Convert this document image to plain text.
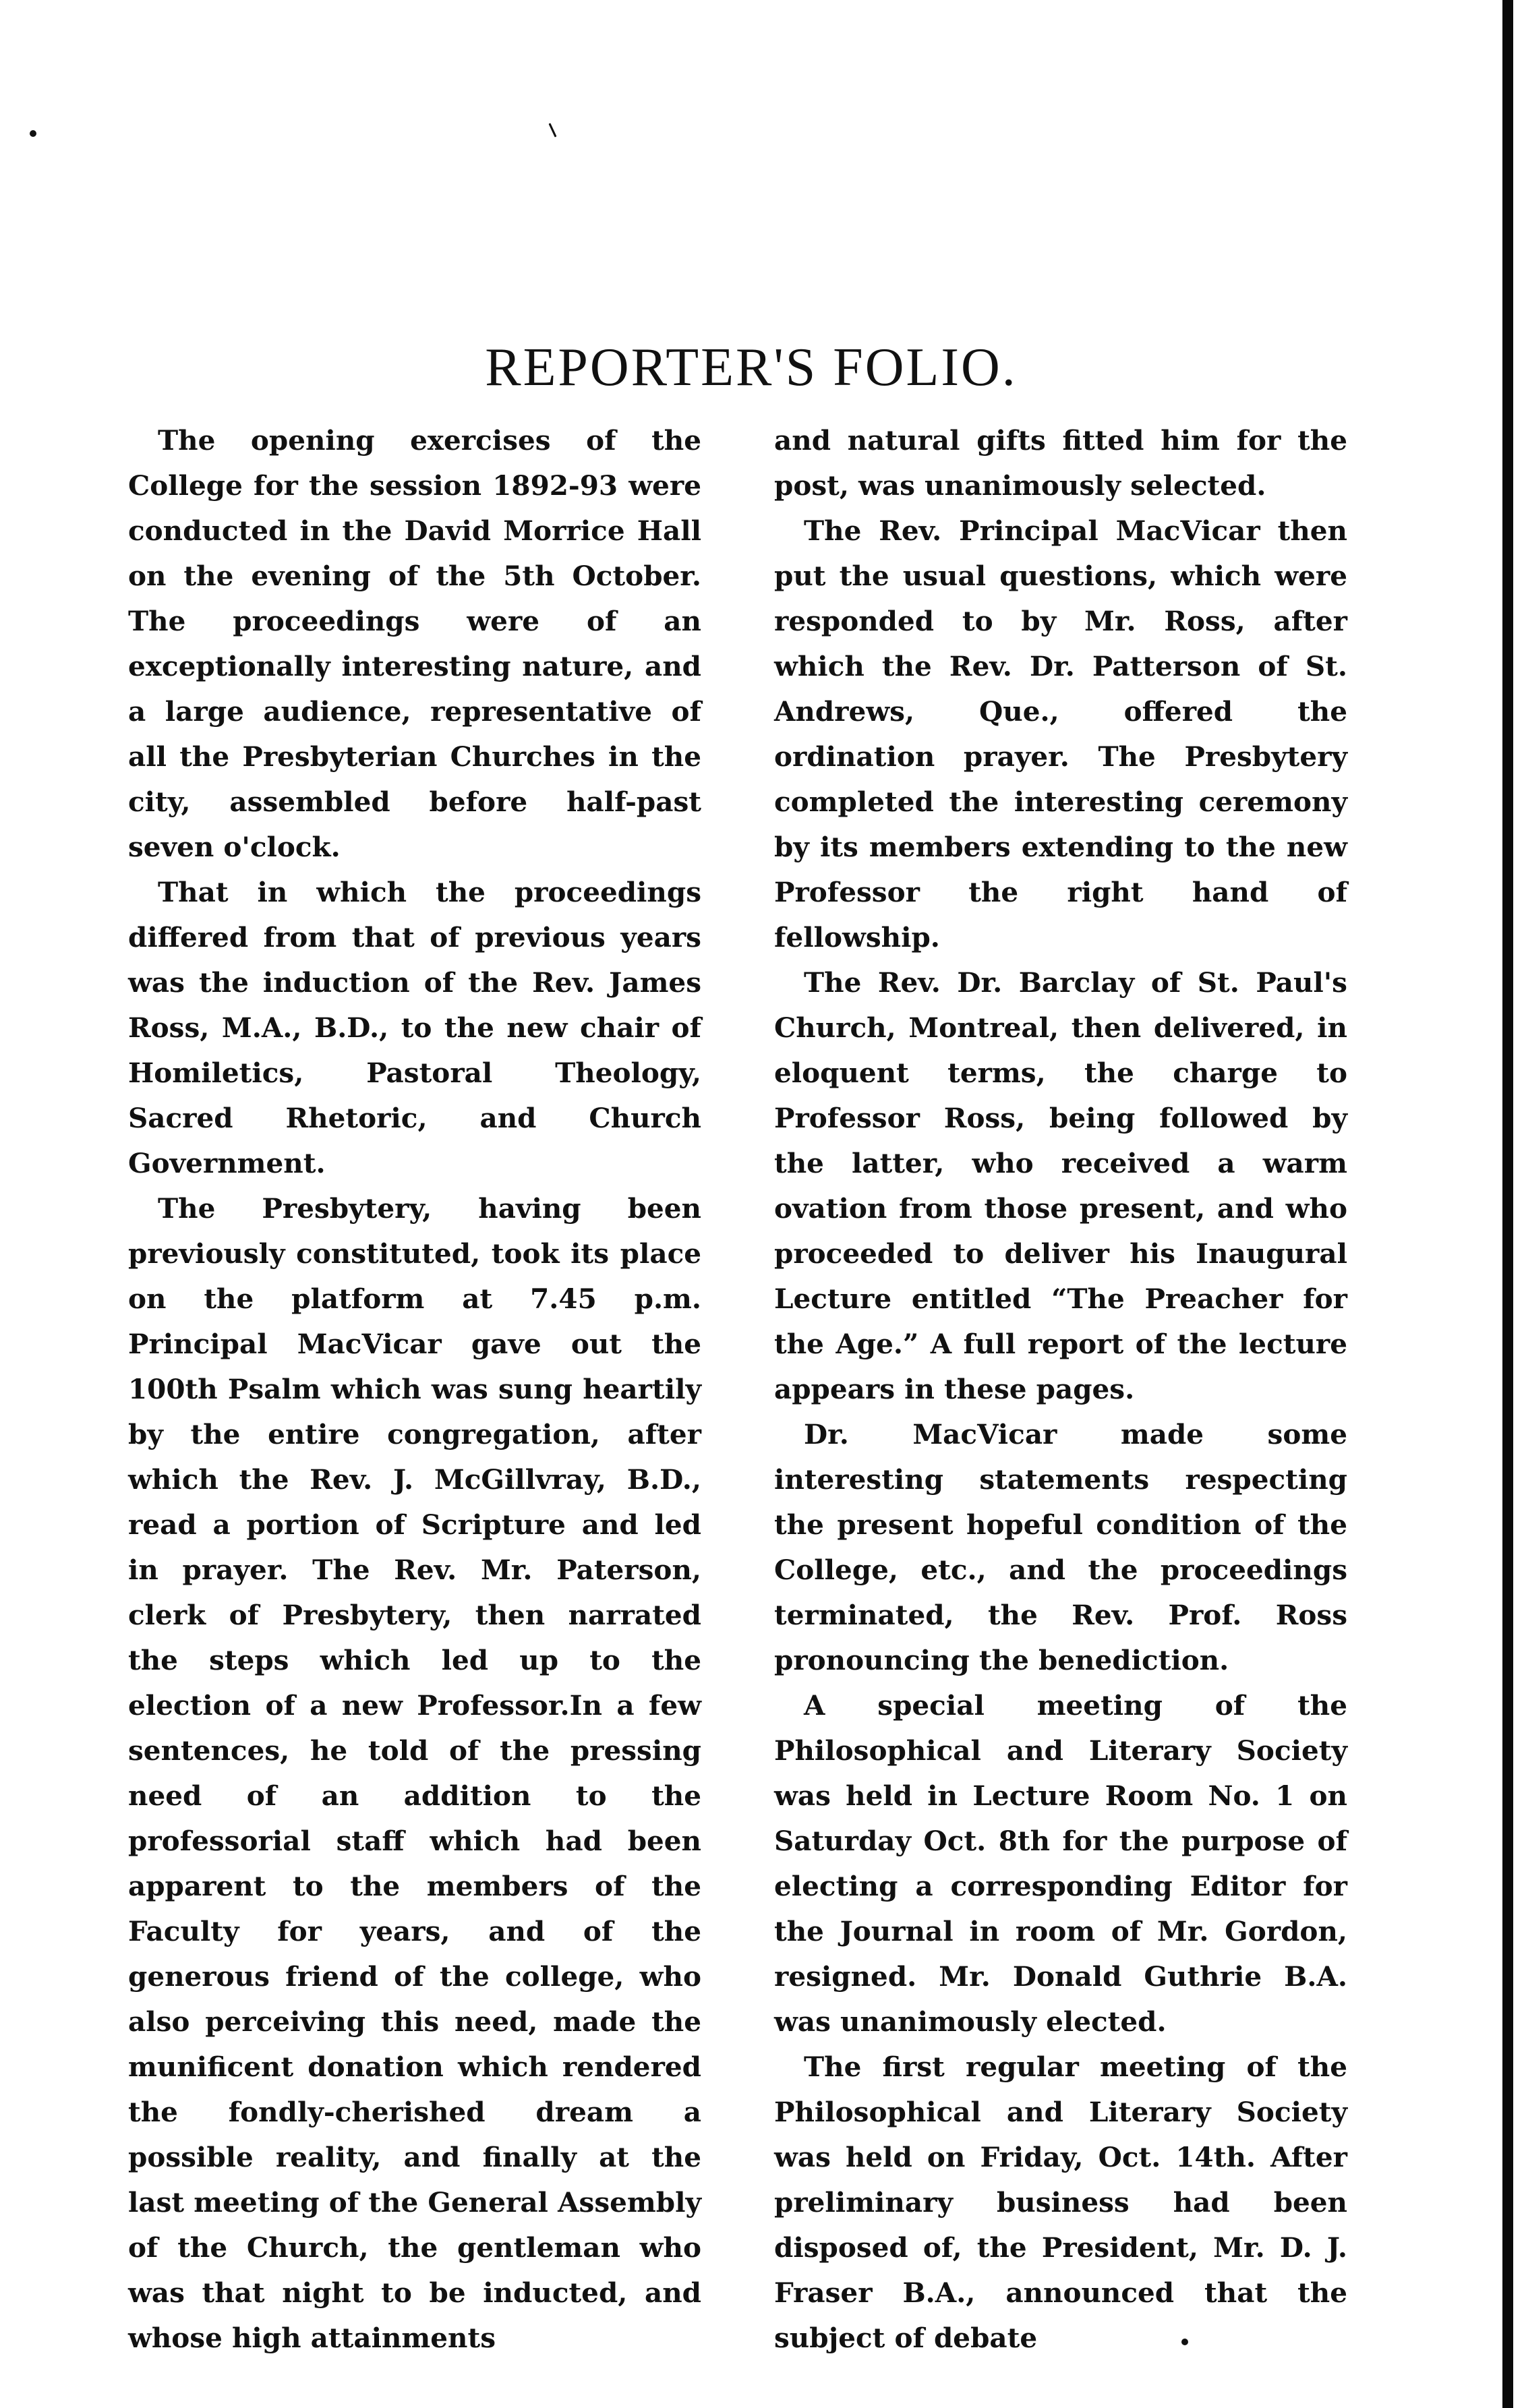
REPORTER'S FOLIO.

The opening exercises of the College for the session 1892-93 were conducted in the David Morrice Hall on the evening of the 5th October. The proceedings were of an exceptionally interesting nature, and a large audience, representative of all the Presbyterian Churches in the city, assembled before half-past seven o'clock.

That in which the proceedings differed from that of previous years was the induction of the Rev. James Ross, M.A., B.D., to the new chair of Homiletics, Pastoral Theology, Sacred Rhetoric, and Church Government.

The Presbytery, having been previously constituted, took its place on the platform at 7.45 p.m. Principal MacVicar gave out the 100th Psalm which was sung heartily by the entire congregation, after which the Rev. J. McGillvray, B.D., read a portion of Scripture and led in prayer. The Rev. Mr. Paterson, clerk of Presbytery, then narrated the steps which led up to the election of a new Professor.In a few sentences, he told of the pressing need of an addition to the professorial staff which had been apparent to the members of the Faculty for years, and of the generous friend of the college, who also perceiving this need, made the munificent donation which rendered the fondly-cherished dream a possible reality, and finally at the last meeting of the General Assembly of the Church, the gentleman who was that night to be inducted, and whose high attainments

and natural gifts fitted him for the post, was unanimously selected.

The Rev. Principal MacVicar then put the usual questions, which were responded to by Mr. Ross, after which the Rev. Dr. Patterson of St. Andrews, Que., offered the ordination prayer. The Presbytery completed the interesting ceremony by its members extending to the new Professor the right hand of fellowship.

The Rev. Dr. Barclay of St. Paul's Church, Montreal, then delivered, in eloquent terms, the charge to Professor Ross, being followed by the latter, who received a warm ovation from those present, and who proceeded to deliver his Inaugural Lecture entitled “The Preacher for the Age.” A full report of the lecture appears in these pages.

Dr. MacVicar made some interesting statements respecting the present hopeful condition of the College, etc., and the proceedings terminated, the Rev. Prof. Ross pronouncing the benediction.

A special meeting of the Philosophical and Literary Society was held in Lecture Room No. 1 on Saturday Oct. 8th for the purpose of electing a corresponding Editor for the Journal in room of Mr. Gordon, resigned. Mr. Donald Guthrie B.A. was unanimously elected.

The first regular meeting of the Philosophical and Literary Society was held on Friday, Oct. 14th. After preliminary business had been disposed of, the President, Mr. D. J. Fraser B.A., announced that the subject of debate
